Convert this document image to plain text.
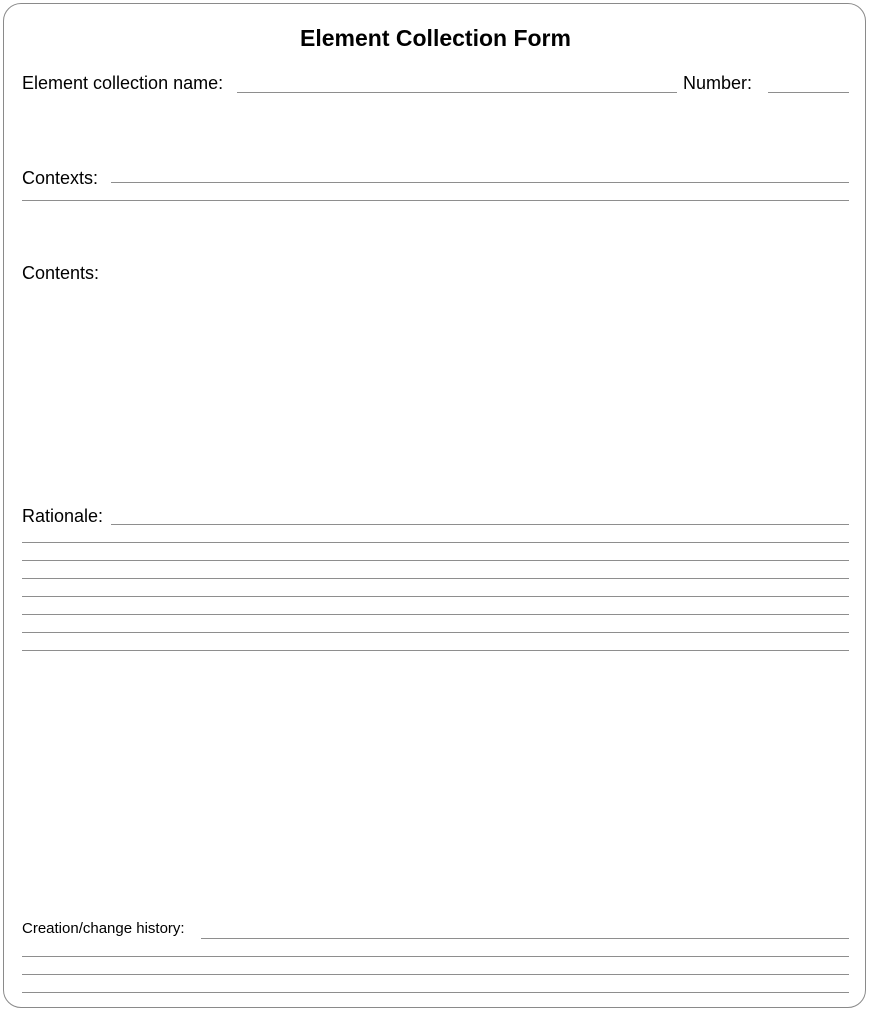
Element Collection Form
Element collection name:	Number:
Contexts:
Contents:
Rationale:
Creation/change history:
